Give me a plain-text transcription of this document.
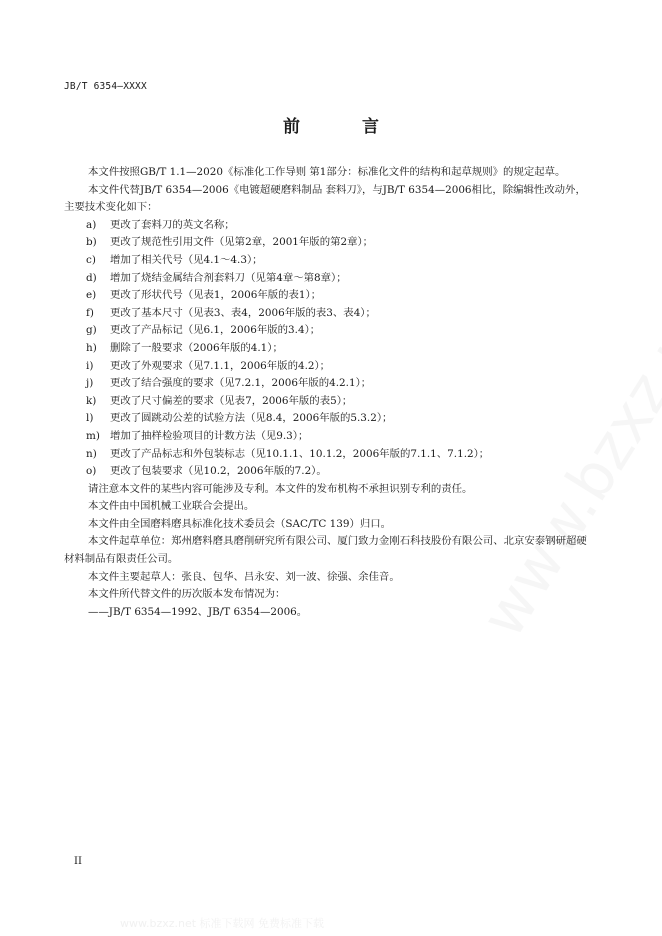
JB/T 6354—XXXX
前 言

本文件按照GB/T 1.1—2020《标准化工作导则 第1部分：标准化文件的结构和起草规则》的规定起草。

本文件代替JB/T 6354—2006《电镀超硬磨料制品 套料刀》，与JB/T 6354—2006相比，除编辑性改动外，主要技术变化如下：

a) 更改了套料刀的英文名称；

b) 更改了规范性引用文件（见第2章，2001年版的第2章）；

c) 增加了相关代号（见4.1～4.3）；

d) 增加了烧结金属结合剂套料刀（见第4章～第8章）；

e) 更改了形状代号（见表1，2006年版的表1）；

f) 更改了基本尺寸（见表3、表4，2006年版的表3、表4）；

g) 更改了产品标记（见6.1，2006年版的3.4）；

h) 删除了一般要求（2006年版的4.1）；

i) 更改了外观要求（见7.1.1，2006年版的4.2）；

j) 更改了结合强度的要求（见7.2.1，2006年版的4.2.1）；

k) 更改了尺寸偏差的要求（见表7，2006年版的表5）；

l) 更改了圆跳动公差的试验方法（见8.4，2006年版的5.3.2）；

m) 增加了抽样检验项目的计数方法（见9.3）；

n) 更改了产品标志和外包装标志（见10.1.1、10.1.2，2006年版的7.1.1、7.1.2）；

o) 更改了包装要求（见10.2，2006年版的7.2）。

请注意本文件的某些内容可能涉及专利。本文件的发布机构不承担识别专利的责任。

本文件由中国机械工业联合会提出。

本文件由全国磨料磨具标准化技术委员会（SAC/TC 139）归口。

本文件起草单位：郑州磨料磨具磨削研究所有限公司、厦门致力金刚石科技股份有限公司、北京安泰钢研超硬材料制品有限责任公司。

本文件主要起草人：张良、包华、吕永安、刘一波、徐强、余佳音。

本文件所代替文件的历次版本发布情况为：

——JB/T 6354—1992、JB/T 6354—2006。

II
www.bzxz.net 标准下载网 免费标准下载
